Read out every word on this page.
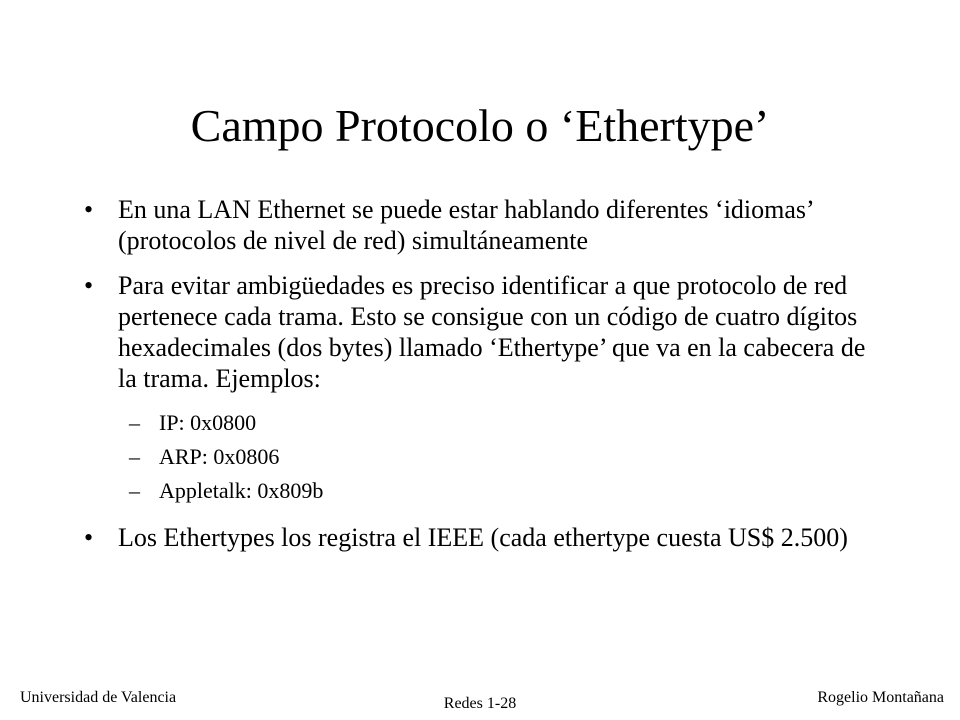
Campo Protocolo o ‘Ethertype’
• En una LAN Ethernet se puede estar hablando diferentes ‘idiomas’ (protocolos de nivel de red) simultáneamente
• Para evitar ambigüedades es preciso identificar a que protocolo de red pertenece cada trama. Esto se consigue con un código de cuatro dígitos hexadecimales (dos bytes) llamado ‘Ethertype’ que va en la cabecera de la trama. Ejemplos:
– IP: 0x0800
– ARP: 0x0806
– Appletalk: 0x809b
• Los Ethertypes los registra el IEEE (cada ethertype cuesta US$ 2.500)
Universidad de Valencia	Redes 1-28	Rogelio Montañana
